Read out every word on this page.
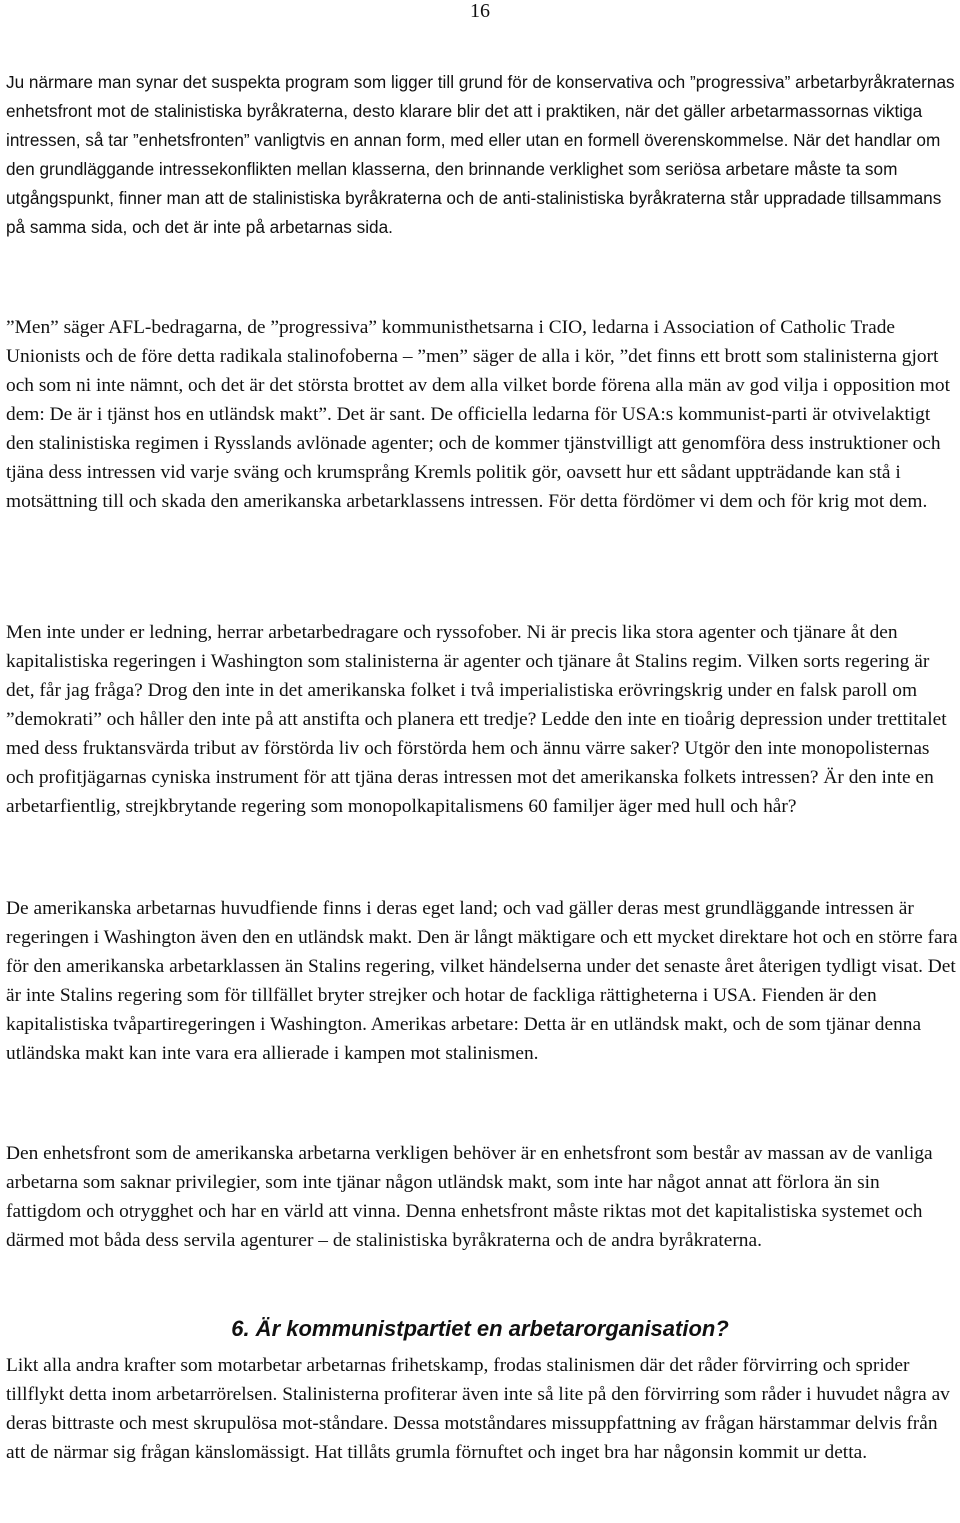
16

Ju närmare man synar det suspekta program som ligger till grund för de konservativa och ”progressiva” arbetarbyråkraternas enhetsfront mot de stalinistiska byråkraterna, desto klarare blir det att i praktiken, när det gäller arbetarmassornas viktiga intressen, så tar ”enhetsfronten” vanligtvis en annan form, med eller utan en formell överenskommelse. När det handlar om den grundläggande intressekonflikten mellan klasserna, den brinnande verklighet som seriösa arbetare måste ta som utgångspunkt, finner man att de stalinistiska byråkraterna och de anti-stalinistiska byråkraterna står uppradade tillsammans på samma sida, och det är inte på arbetarnas sida.

”Men” säger AFL-bedragarna, de ”progressiva” kommunisthetsarna i CIO, ledarna i Association of Catholic Trade Unionists och de före detta radikala stalinofoberna – ”men” säger de alla i kör, ”det finns ett brott som stalinisterna gjort och som ni inte nämnt, och det är det största brottet av dem alla vilket borde förena alla män av god vilja i opposition mot dem: De är i tjänst hos en utländsk makt”. Det är sant. De officiella ledarna för USA:s kommunist-parti är otvivelaktigt den stalinistiska regimen i Rysslands avlönade agenter; och de kommer tjänstvilligt att genomföra dess instruktioner och tjäna dess intressen vid varje sväng och krumsprång Kremls politik gör, oavsett hur ett sådant uppträdande kan stå i motsättning till och skada den amerikanska arbetarklassens intressen. För detta fördömer vi dem och för krig mot dem.

Men inte under er ledning, herrar arbetarbedragare och ryssofober. Ni är precis lika stora agenter och tjänare åt den kapitalistiska regeringen i Washington som stalinisterna är agenter och tjänare åt Stalins regim. Vilken sorts regering är det, får jag fråga? Drog den inte in det amerikanska folket i två imperialistiska erövringskrig under en falsk paroll om ”demokrati” och håller den inte på att anstifta och planera ett tredje? Ledde den inte en tioårig depression under trettitalet med dess fruktansvärda tribut av förstörda liv och förstörda hem och ännu värre saker? Utgör den inte monopolisternas och profitjägarnas cyniska instrument för att tjäna deras intressen mot det amerikanska folkets intressen? Är den inte en arbetarfientlig, strejkbrytande regering som monopolkapitalismens 60 familjer äger med hull och hår?

De amerikanska arbetarnas huvudfiende finns i deras eget land; och vad gäller deras mest grundläggande intressen är regeringen i Washington även den en utländsk makt. Den är långt mäktigare och ett mycket direktare hot och en större fara för den amerikanska arbetarklassen än Stalins regering, vilket händelserna under det senaste året återigen tydligt visat. Det är inte Stalins regering som för tillfället bryter strejker och hotar de fackliga rättigheterna i USA. Fienden är den kapitalistiska tvåpartiregeringen i Washington. Amerikas arbetare: Detta är en utländsk makt, och de som tjänar denna utländska makt kan inte vara era allierade i kampen mot stalinismen.

Den enhetsfront som de amerikanska arbetarna verkligen behöver är en enhetsfront som består av massan av de vanliga arbetarna som saknar privilegier, som inte tjänar någon utländsk makt, som inte har något annat att förlora än sin fattigdom och otrygghet och har en värld att vinna. Denna enhetsfront måste riktas mot det kapitalistiska systemet och därmed mot båda dess servila agenturer – de stalinistiska byråkraterna och de andra byråkraterna.

6. Är kommunistpartiet en arbetarorganisation?

Likt alla andra krafter som motarbetar arbetarnas frihetskamp, frodas stalinismen där det råder förvirring och sprider tillflykt detta inom arbetarrörelsen. Stalinisterna profiterar även inte så lite på den förvirring som råder i huvudet några av deras bittraste och mest skrupulösa mot-ståndare. Dessa motståndares missuppfattning av frågan härstammar delvis från att de närmar sig frågan känslomässigt. Hat tillåts grumla förnuftet och inget bra har någonsin kommit ur detta.
